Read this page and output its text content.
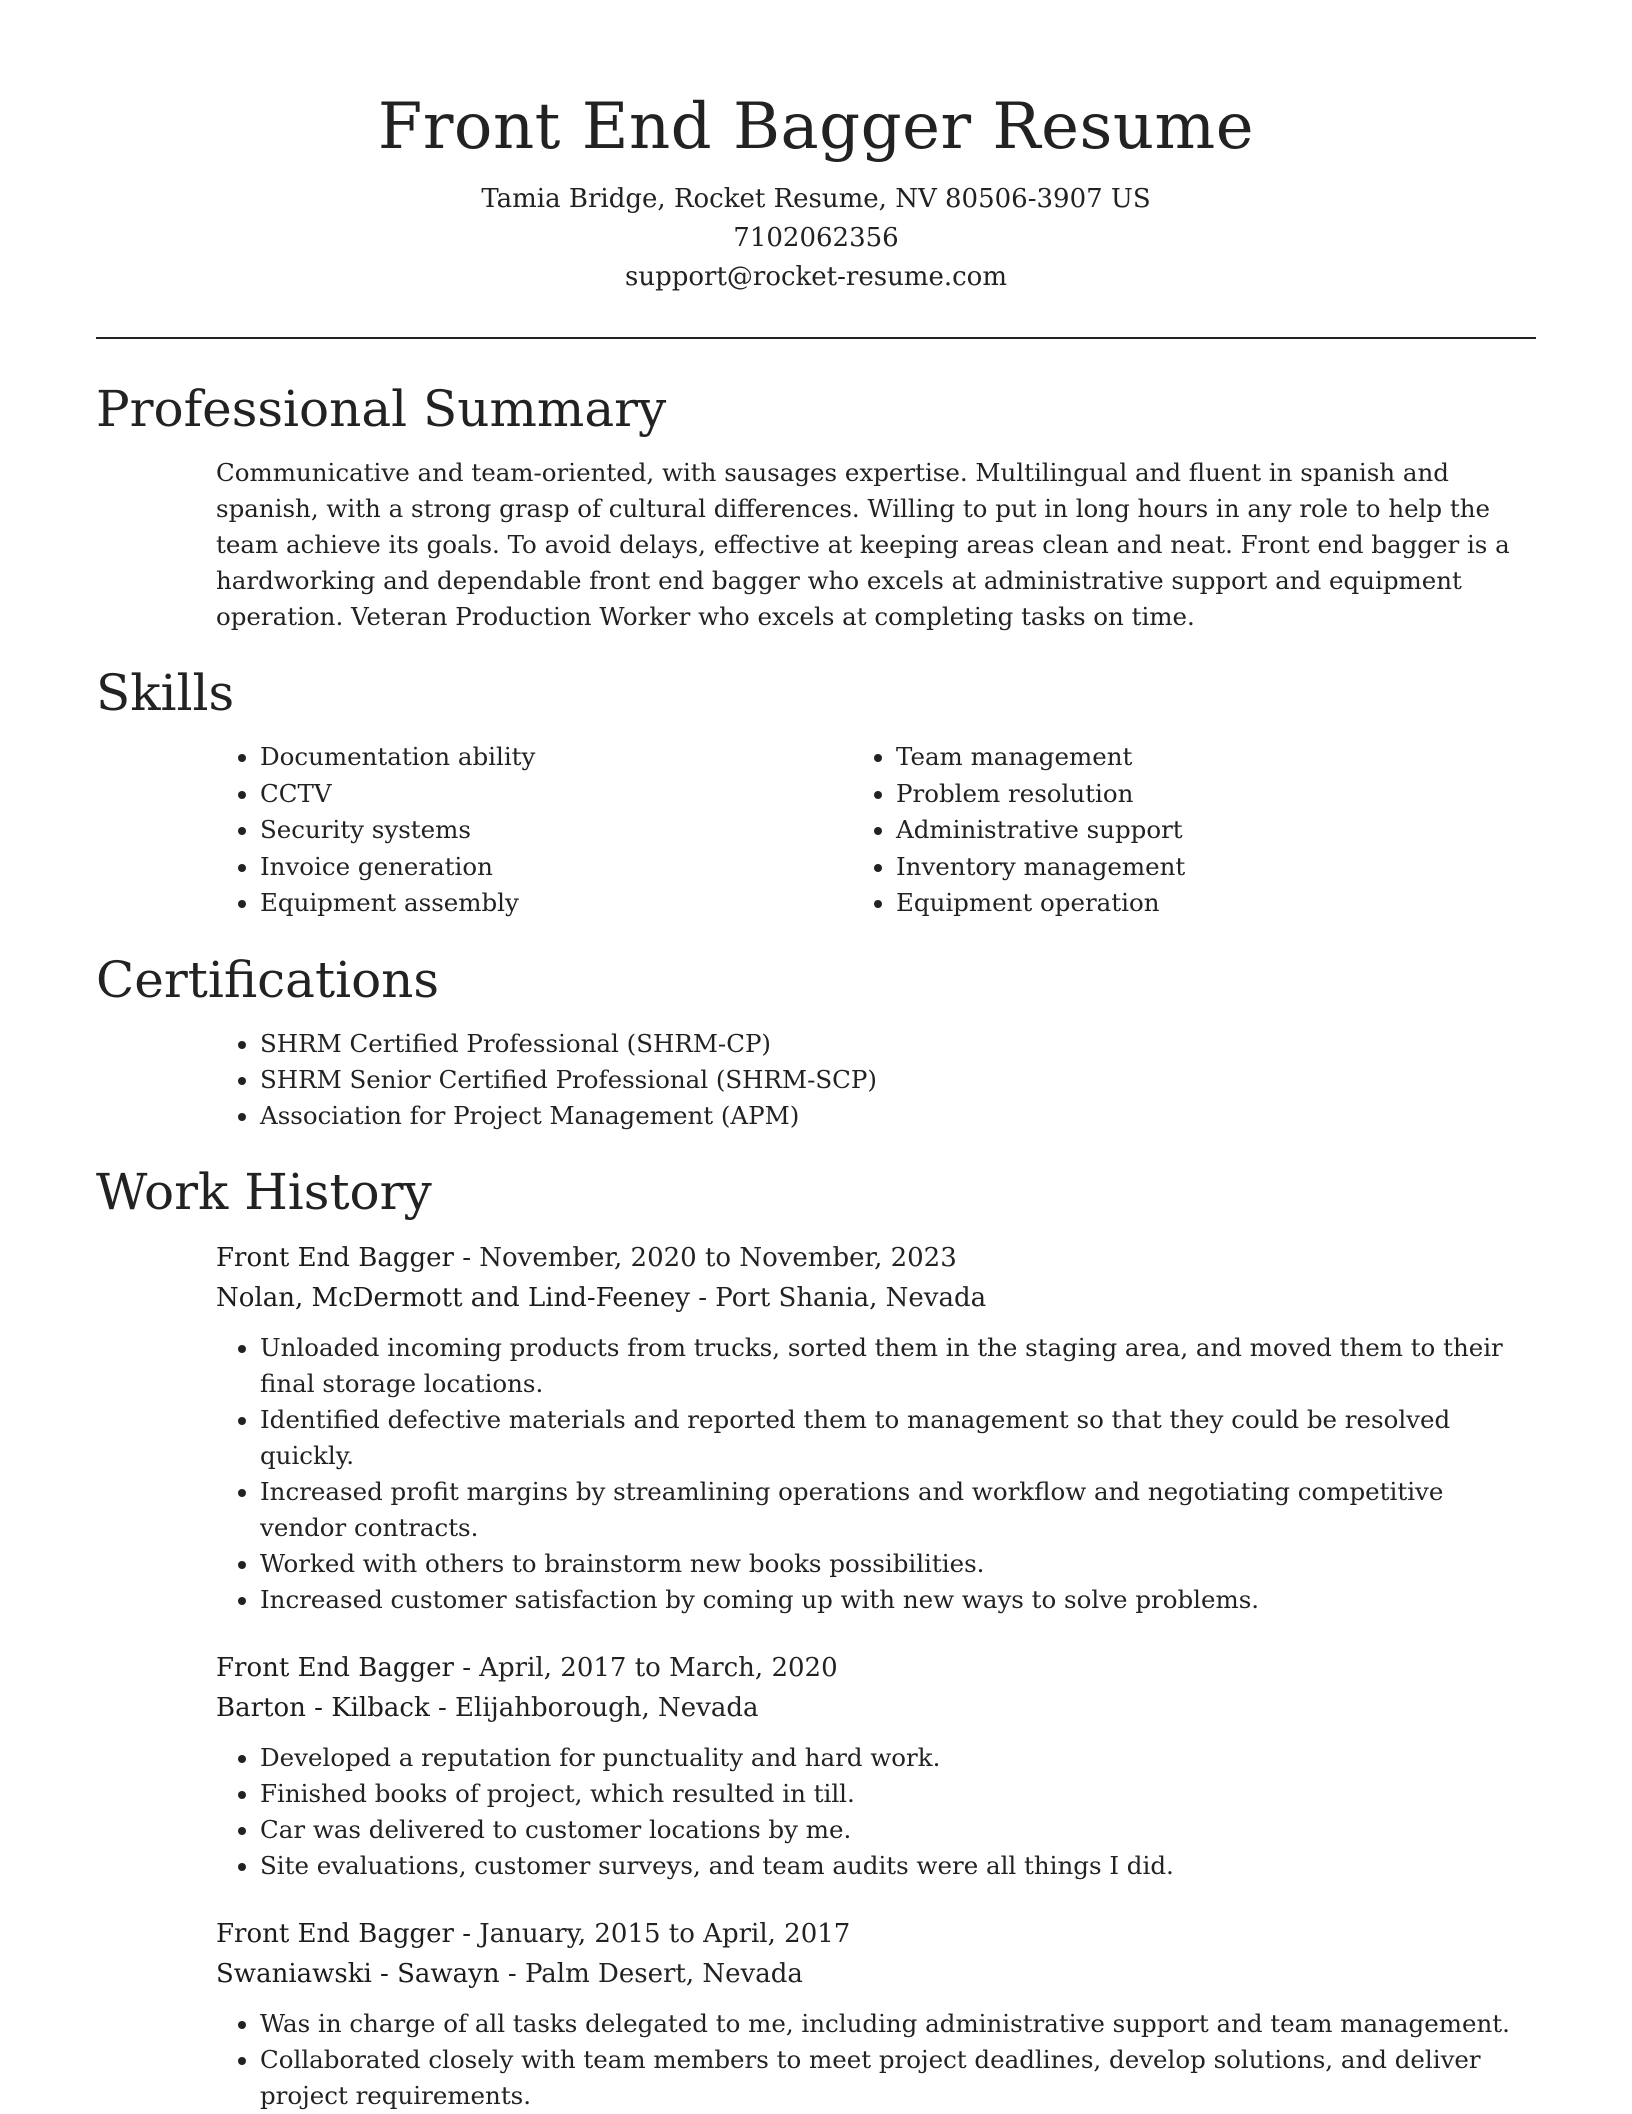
Front End Bagger Resume
Tamia Bridge, Rocket Resume, NV 80506-3907 US
7102062356
support@rocket-resume.com
Professional Summary

Communicative and team-oriented, with sausages expertise. Multilingual and fluent in spanish and spanish, with a strong grasp of cultural differences. Willing to put in long hours in any role to help the team achieve its goals. To avoid delays, effective at keeping areas clean and neat. Front end bagger is a hardworking and dependable front end bagger who excels at administrative support and equipment operation. Veteran Production Worker who excels at completing tasks on time.

Skills
• Documentation ability
• CCTV
• Security systems
• Invoice generation
• Equipment assembly
• Team management
• Problem resolution
• Administrative support
• Inventory management
• Equipment operation
Certifications
• SHRM Certified Professional (SHRM-CP)
• SHRM Senior Certified Professional (SHRM-SCP)
• Association for Project Management (APM)
Work History
Front End Bagger - November, 2020 to November, 2023
Nolan, McDermott and Lind-Feeney - Port Shania, Nevada
• Unloaded incoming products from trucks, sorted them in the staging area, and moved them to their final storage locations.
• Identified defective materials and reported them to management so that they could be resolved quickly.
• Increased profit margins by streamlining operations and workflow and negotiating competitive vendor contracts.
• Worked with others to brainstorm new books possibilities.
• Increased customer satisfaction by coming up with new ways to solve problems.
Front End Bagger - April, 2017 to March, 2020
Barton - Kilback - Elijahborough, Nevada
• Developed a reputation for punctuality and hard work.
• Finished books of project, which resulted in till.
• Car was delivered to customer locations by me.
• Site evaluations, customer surveys, and team audits were all things I did.
Front End Bagger - January, 2015 to April, 2017
Swaniawski - Sawayn - Palm Desert, Nevada
• Was in charge of all tasks delegated to me, including administrative support and team management.
• Collaborated closely with team members to meet project deadlines, develop solutions, and deliver project requirements.
